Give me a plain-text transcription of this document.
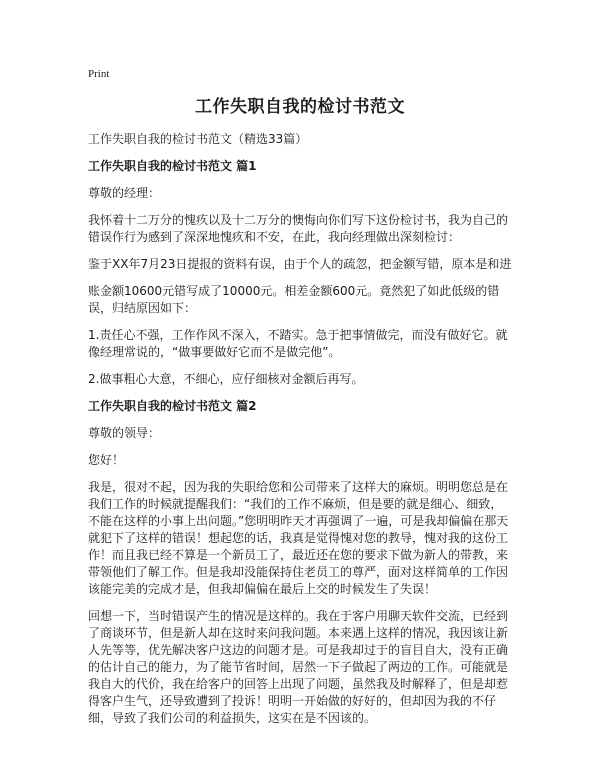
Print
工作失职自我的检讨书范文
工作失职自我的检讨书范文（精选33篇）
工作失职自我的检讨书范文 篇1
尊敬的经理：
我怀着十二万分的愧疚以及十二万分的懊悔向你们写下这份检讨书，我为自己的错误作行为感到了深深地愧疚和不安，在此，我向经理做出深刻检讨：
鉴于XX年7月23日提报的资料有误，由于个人的疏忽，把金额写错，原本是和进
账金额10600元错写成了10000元。相差金额600元。竟然犯了如此低级的错误，归结原因如下：
1.责任心不强，工作作风不深入，不踏实。急于把事情做完，而没有做好它。就像经理常说的，“做事要做好它而不是做完他”。
2.做事粗心大意，不细心，应仔细核对金额后再写。
工作失职自我的检讨书范文 篇2
尊敬的领导：
您好！
我是，很对不起，因为我的失职给您和公司带来了这样大的麻烦。明明您总是在我们工作的时候就提醒我们：“我们的工作不麻烦，但是要的就是细心、细致，不能在这样的小事上出问题。”您明明昨天才再强调了一遍，可是我却偏偏在那天就犯下了这样的错误！想起您的话，我真是觉得愧对您的教导，愧对我的这份工作！而且我已经不算是一个新员工了，最近还在您的要求下做为新人的带教，来带领他们了解工作。但是我却没能保持住老员工的尊严，面对这样简单的工作因该能完美的完成才是，但我却偏偏在最后上交的时候发生了失误！
回想一下，当时错误产生的情况是这样的。我在于客户用聊天软件交流，已经到了商谈环节，但是新人却在这时来问我问题。本来遇上这样的情况，我因该让新人先等等，优先解决客户这边的问题才是。可是我却过于的盲目自大，没有正确的估计自己的能力，为了能节省时间，居然一下子做起了两边的工作。可能就是我自大的代价，我在给客户的回答上出现了问题，虽然我及时解释了，但是却惹得客户生气，还导致遭到了投诉！明明一开始做的好好的，但却因为我的不仔细，导致了我们公司的利益损失，这实在是不因该的。
